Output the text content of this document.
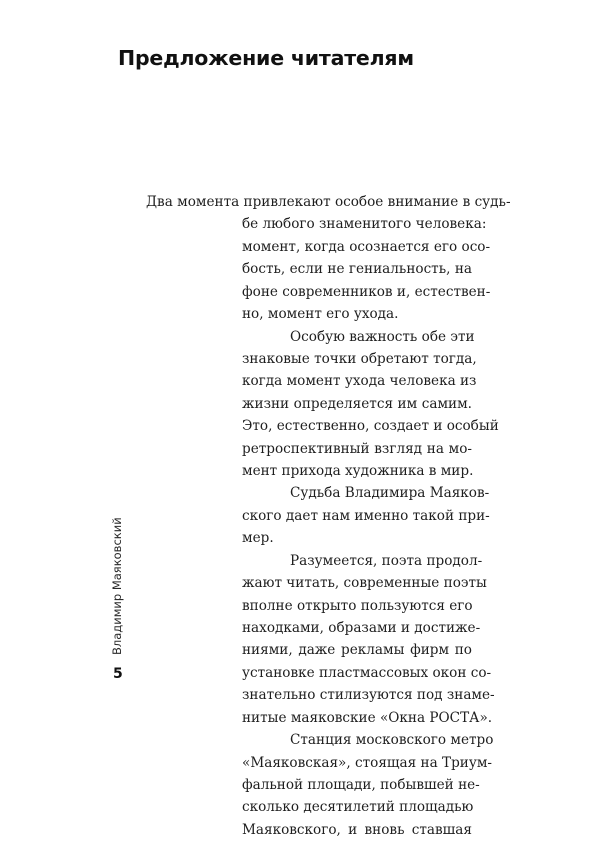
Предложение читателям
Два момента привлекают особое внимание в судь-
бе любого знаменитого человека:
момент, когда осознается его осо-
бость, если не гениальность, на
фоне современников и, естествен-
но, момент его ухода.
Особую важность обе эти
знаковые точки обретают тогда,
когда момент ухода человека из
жизни определяется им самим.
Это, естественно, создает и особый
ретроспективный взгляд на мо-
мент прихода художника в мир.
Судьба Владимира Маяков-
ского дает нам именно такой при-
мер.
Разумеется, поэта продол-
жают читать, современные поэты
вполне открыто пользуются его
находками, образами и достиже-
ниями, даже рекламы фирм по
установке пластмассовых окон со-
знательно стилизуются под знаме-
нитые маяковские «Окна РОСТА».
Станция московского метро
«Маяковская», стоящая на Триум-
фальной площади, побывшей не-
сколько десятилетий площадью
Маяковского, и вновь ставшая
Владимир Маяковский
5
